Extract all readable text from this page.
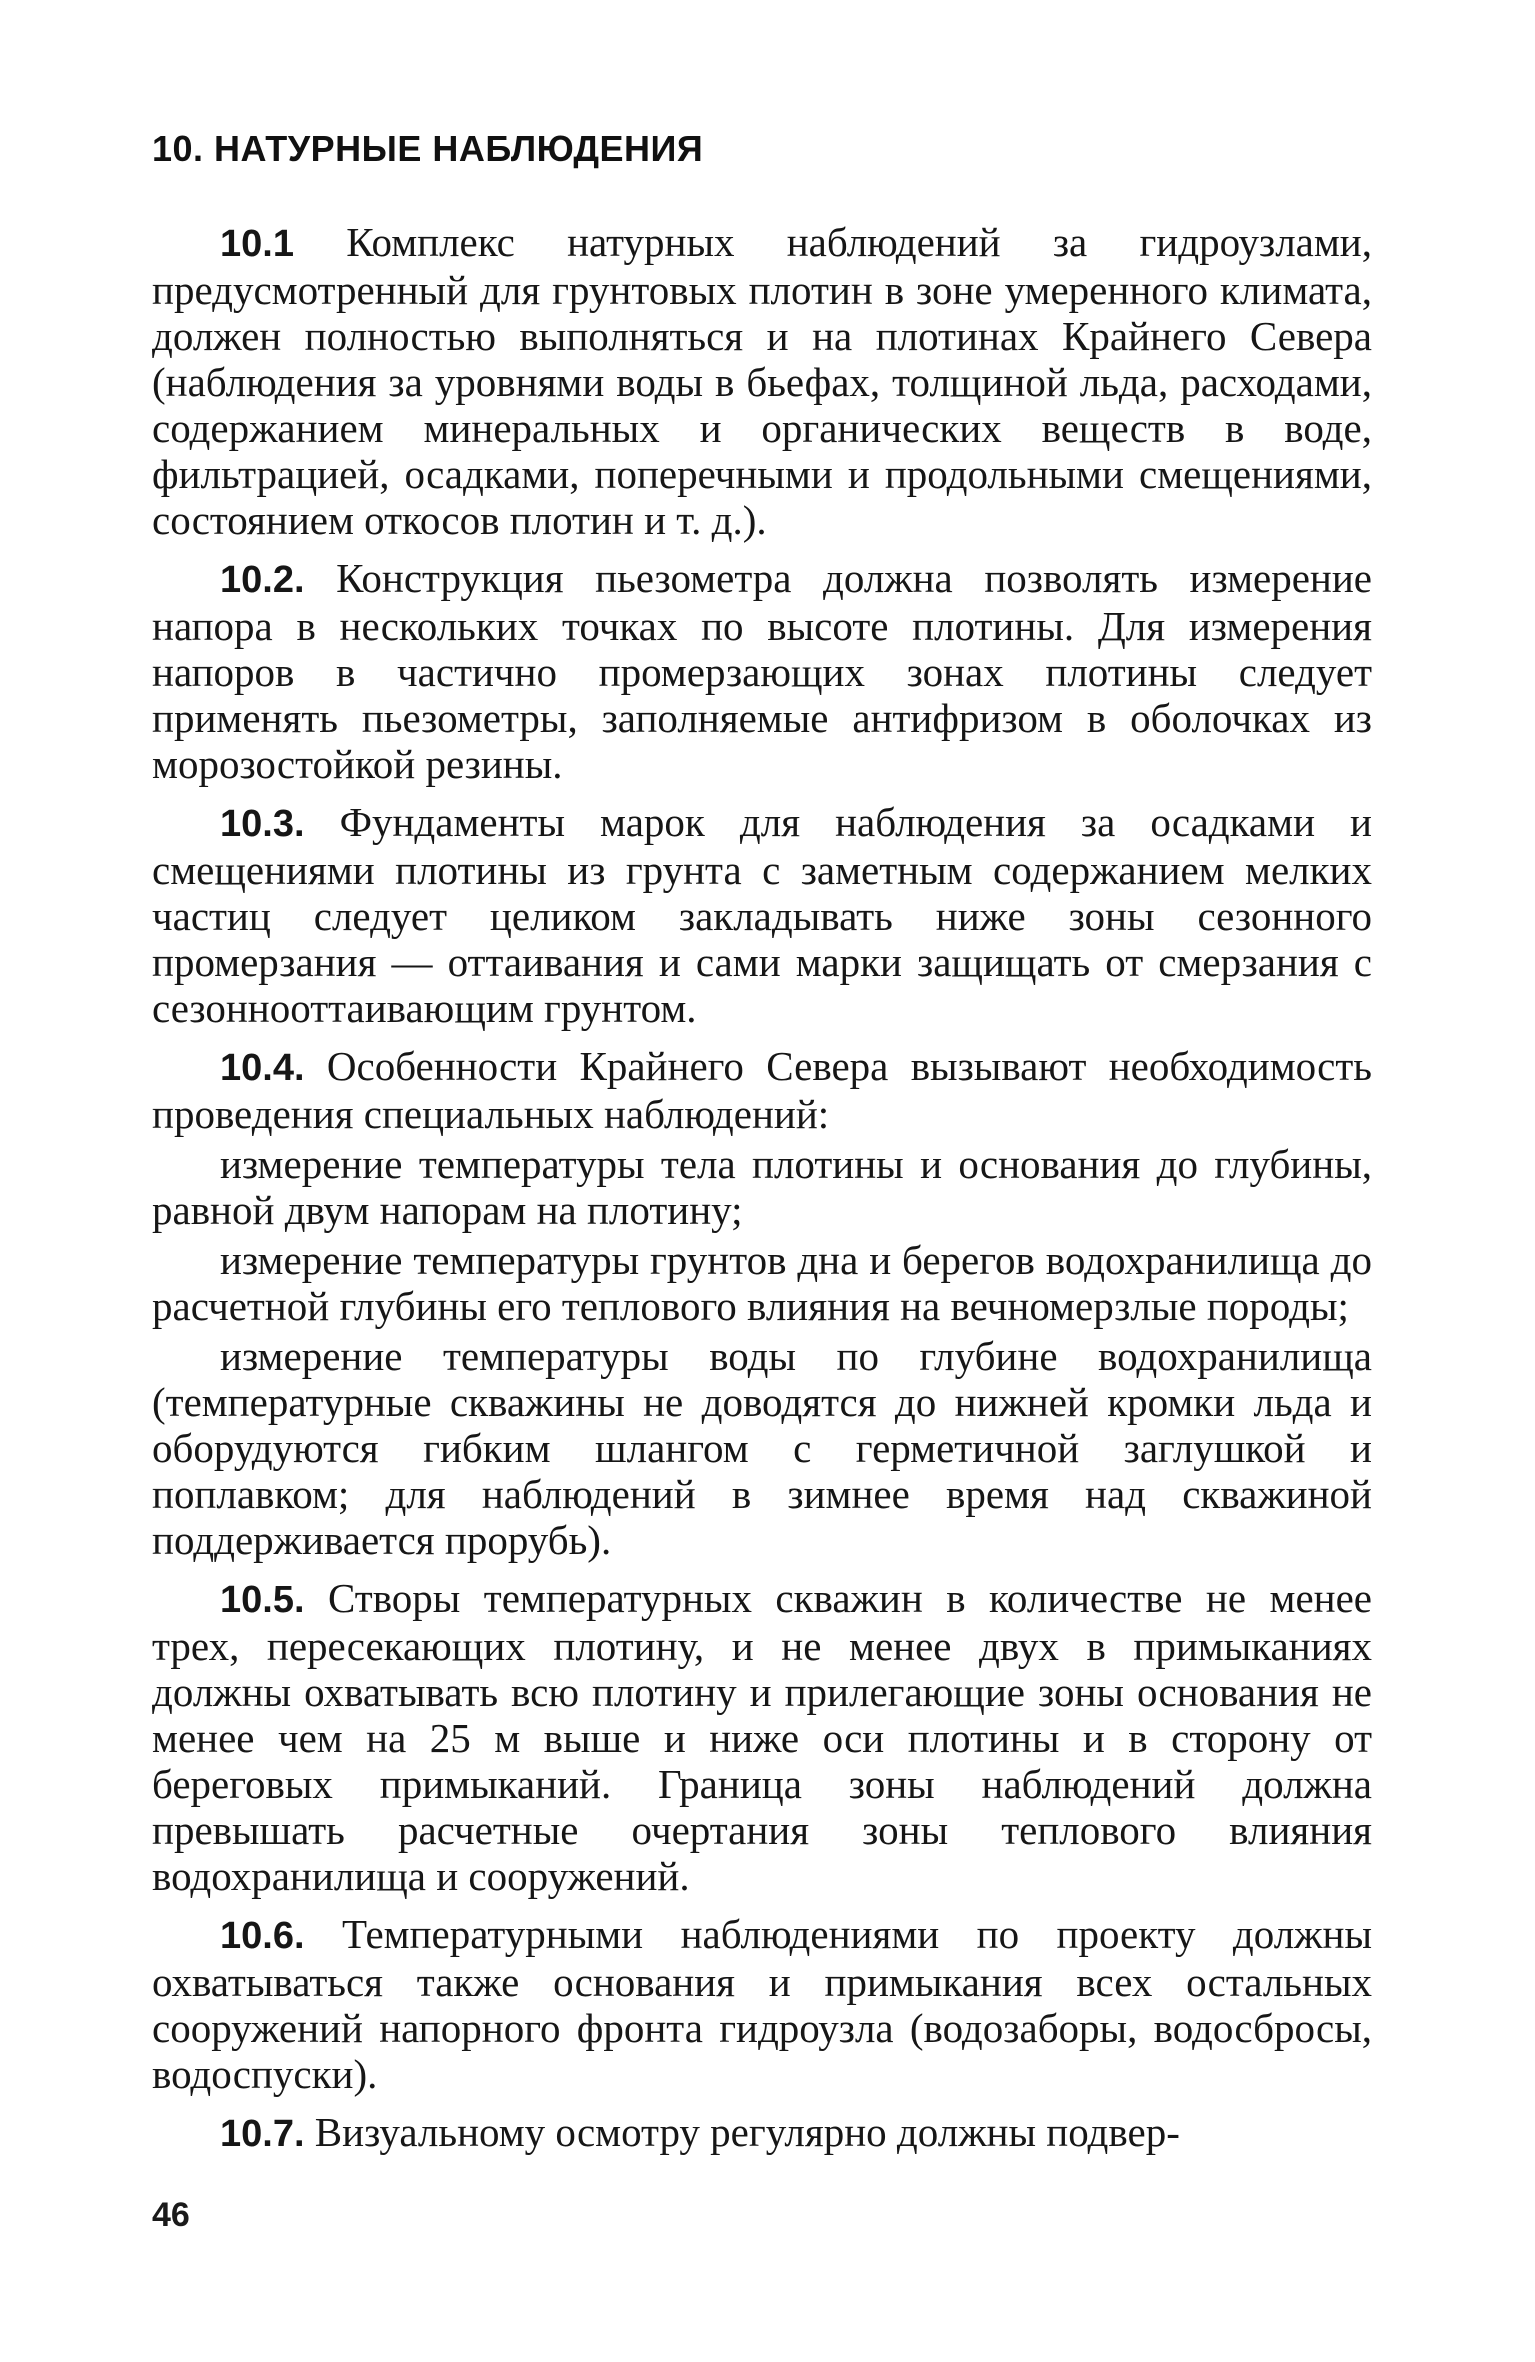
10. НАТУРНЫЕ НАБЛЮДЕНИЯ

10.1 Комплекс натурных наблюдений за гидроузлами, предусмотренный для грунтовых плотин в зоне умеренного климата, должен полностью выполняться и на плотинах Крайнего Севера (наблюдения за уровнями воды в бьефах, толщиной льда, расходами, содержанием минеральных и органических веществ в воде, фильтрацией, осадками, поперечными и продольными смещениями, состоянием откосов плотин и т. д.).

10.2. Конструкция пьезометра должна позволять измерение напора в нескольких точках по высоте плотины. Для измерения напоров в частично промерзающих зонах плотины следует применять пьезометры, заполняемые антифризом в оболочках из морозостойкой резины.

10.3. Фундаменты марок для наблюдения за осадками и смещениями плотины из грунта с заметным содержанием мелких частиц следует целиком закладывать ниже зоны сезонного промерзания — оттаивания и сами марки защищать от смерзания с сезоннооттаивающим грунтом.

10.4. Особенности Крайнего Севера вызывают необходимость проведения специальных наблюдений:

измерение температуры тела плотины и основания до глубины, равной двум напорам на плотину;

измерение температуры грунтов дна и берегов водохранилища до расчетной глубины его теплового влияния на вечномерзлые породы;

измерение температуры воды по глубине водохранилища (температурные скважины не доводятся до нижней кромки льда и оборудуются гибким шлангом с герметичной заглушкой и поплавком; для наблюдений в зимнее время над скважиной поддерживается прорубь).

10.5. Створы температурных скважин в количестве не менее трех, пересекающих плотину, и не менее двух в примыканиях должны охватывать всю плотину и прилегающие зоны основания не менее чем на 25 м выше и ниже оси плотины и в сторону от береговых примыканий. Граница зоны наблюдений должна превышать расчетные очертания зоны теплового влияния водохранилища и сооружений.

10.6. Температурными наблюдениями по проекту должны охватываться также основания и примыкания всех остальных сооружений напорного фронта гидроузла (водозаборы, водосбросы, водоспуски).

10.7. Визуальному осмотру регулярно должны подвер-

46
